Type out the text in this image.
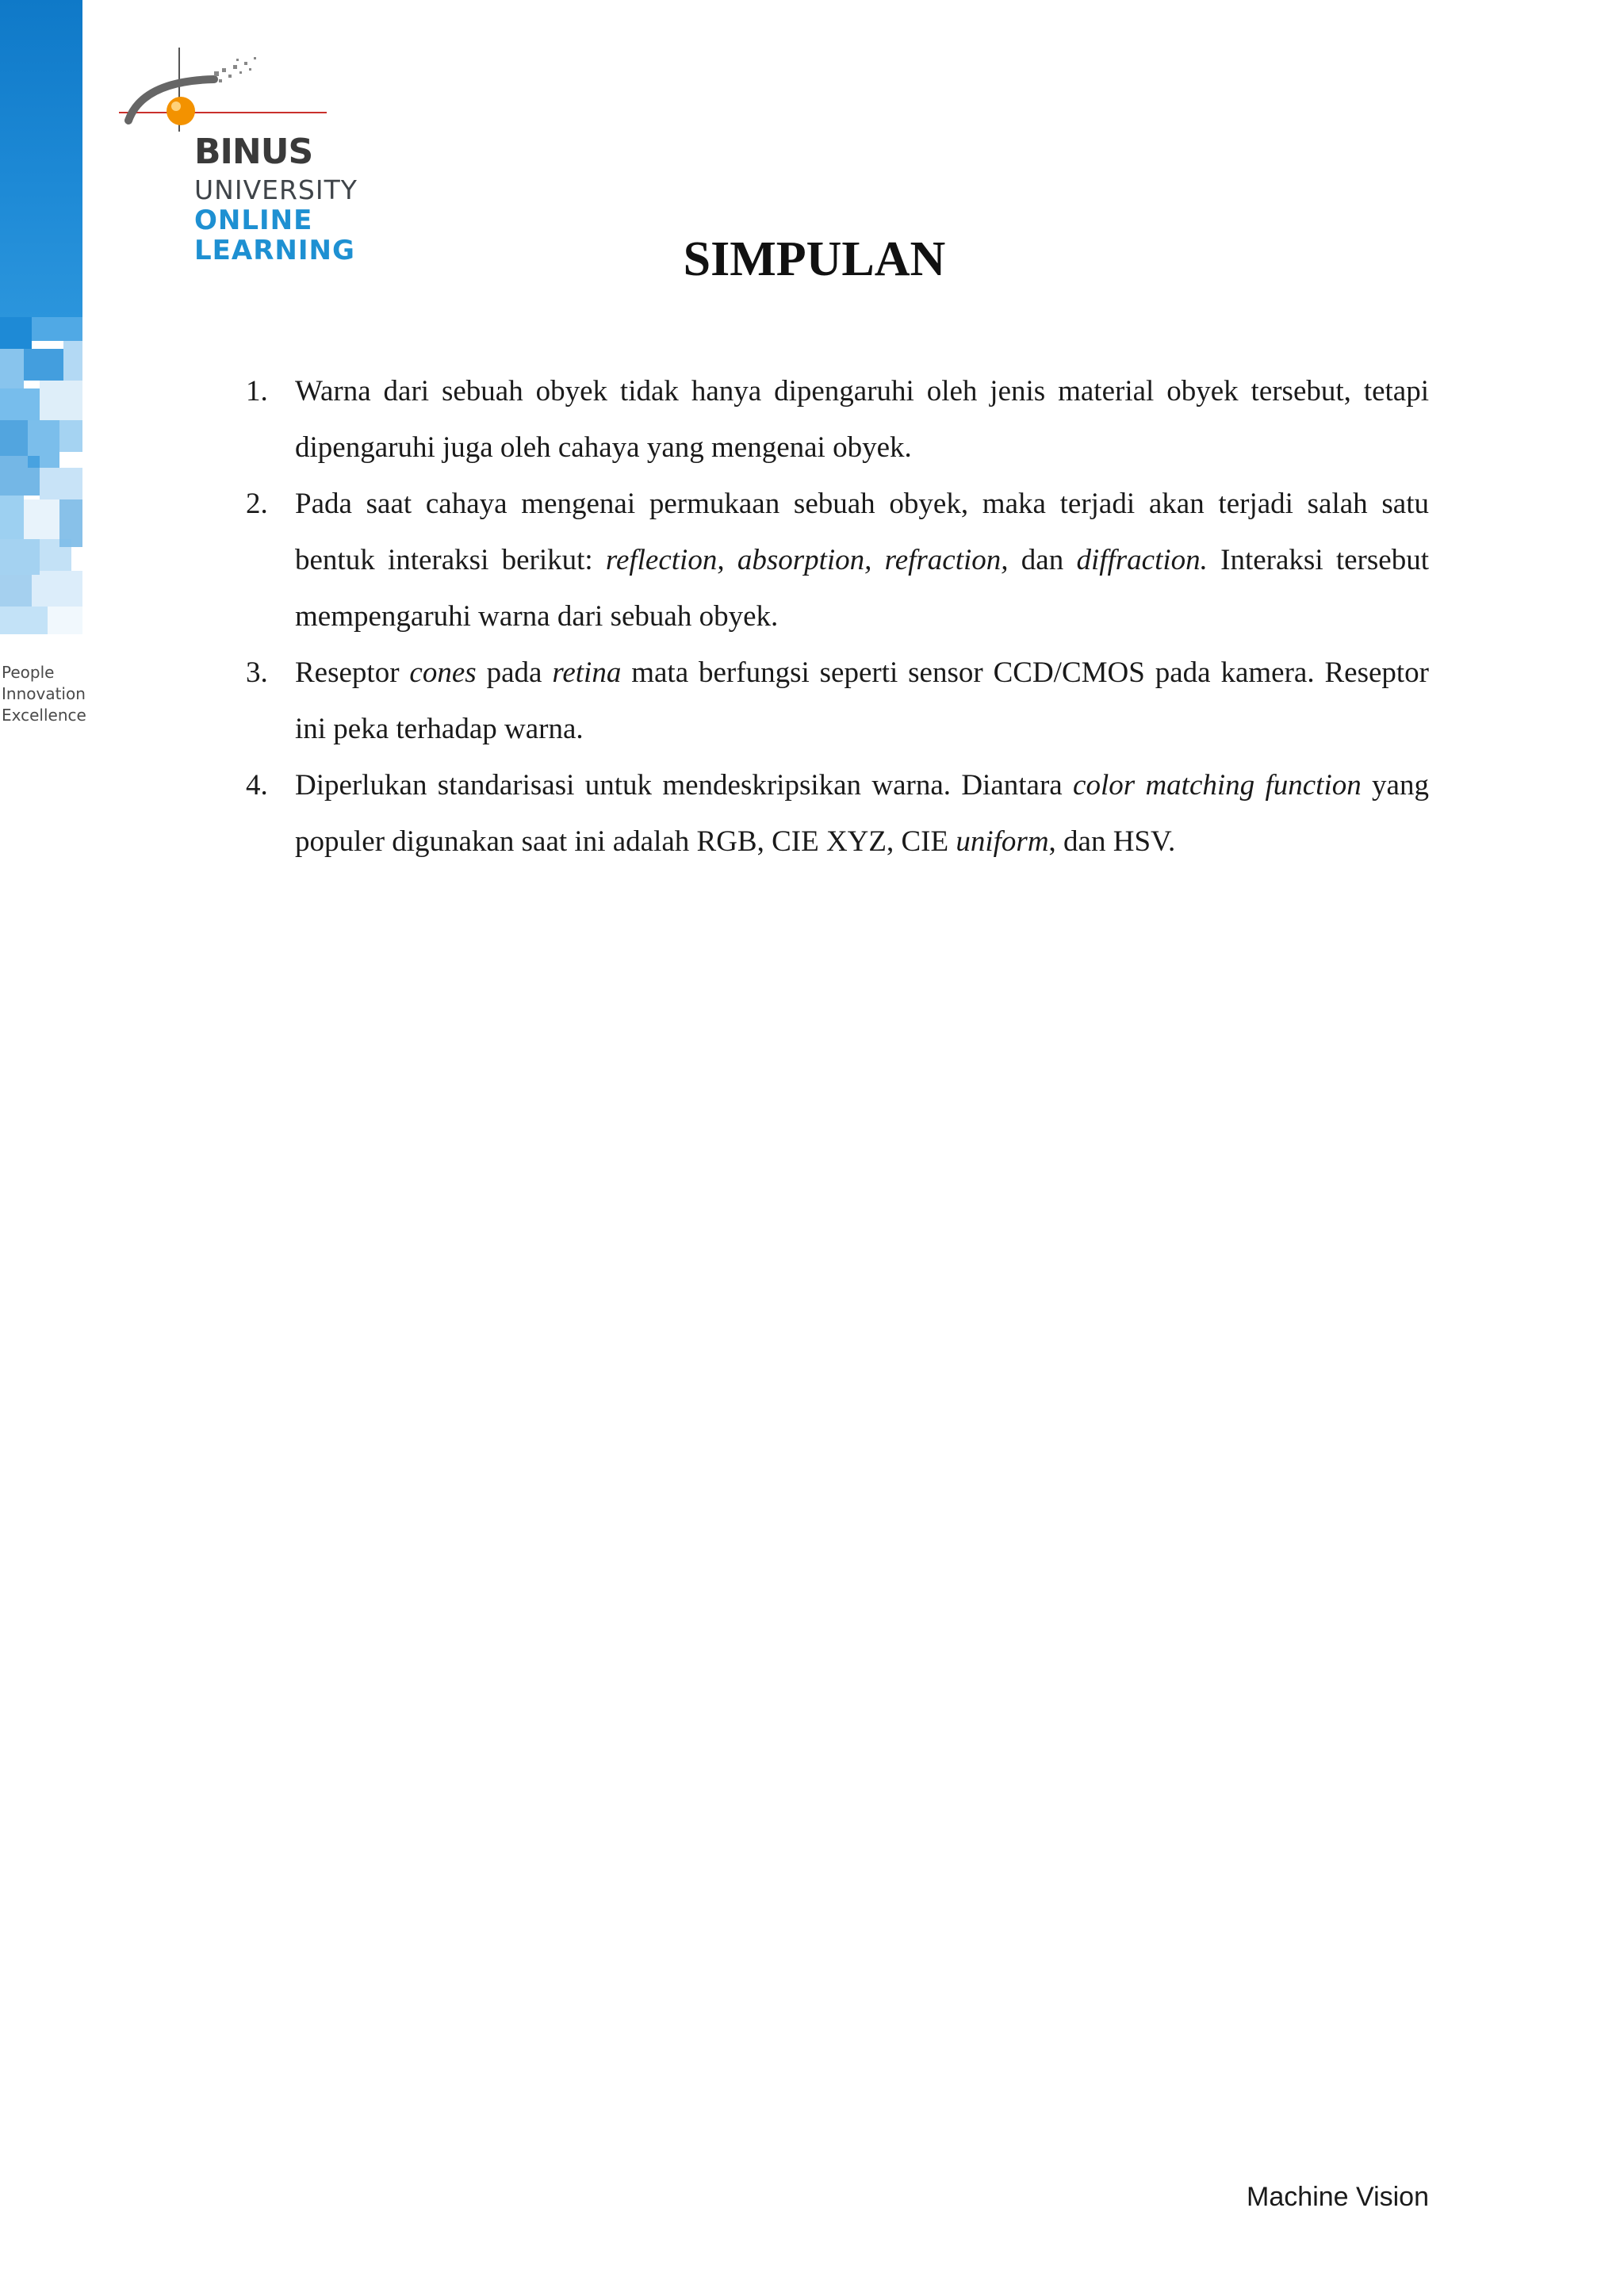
People
Innovation
Excellence
BINUS
UNIVERSITY
ONLINE
LEARNING	SIMPULAN
1. Warna dari sebuah obyek tidak hanya dipengaruhi oleh jenis material obyek tersebut, tetapi dipengaruhi juga oleh cahaya yang mengenai obyek.
2. Pada saat cahaya mengenai permukaan sebuah obyek, maka terjadi akan terjadi salah satu bentuk interaksi berikut: reflection, absorption, refraction, dan diffraction. Interaksi tersebut mempengaruhi warna dari sebuah obyek.
3. Reseptor cones pada retina mata berfungsi seperti sensor CCD/CMOS pada kamera. Reseptor ini peka terhadap warna.
4. Diperlukan standarisasi untuk mendeskripsikan warna. Diantara color matching function yang populer digunakan saat ini adalah RGB, CIE XYZ, CIE uniform, dan HSV.
Machine Vision
